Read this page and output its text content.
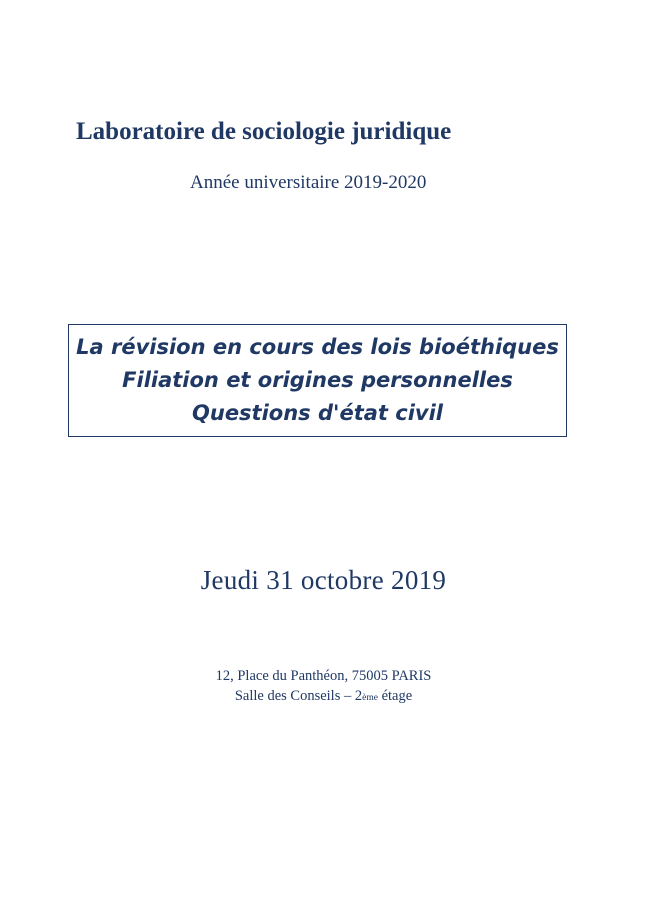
Laboratoire de sociologie juridique
Année universitaire 2019-2020
La révision en cours des lois bioéthiques
Filiation et origines personnelles
Questions d'état civil
Jeudi 31 octobre 2019
12, Place du Panthéon, 75005 PARIS
Salle des Conseils – 2ème étage
